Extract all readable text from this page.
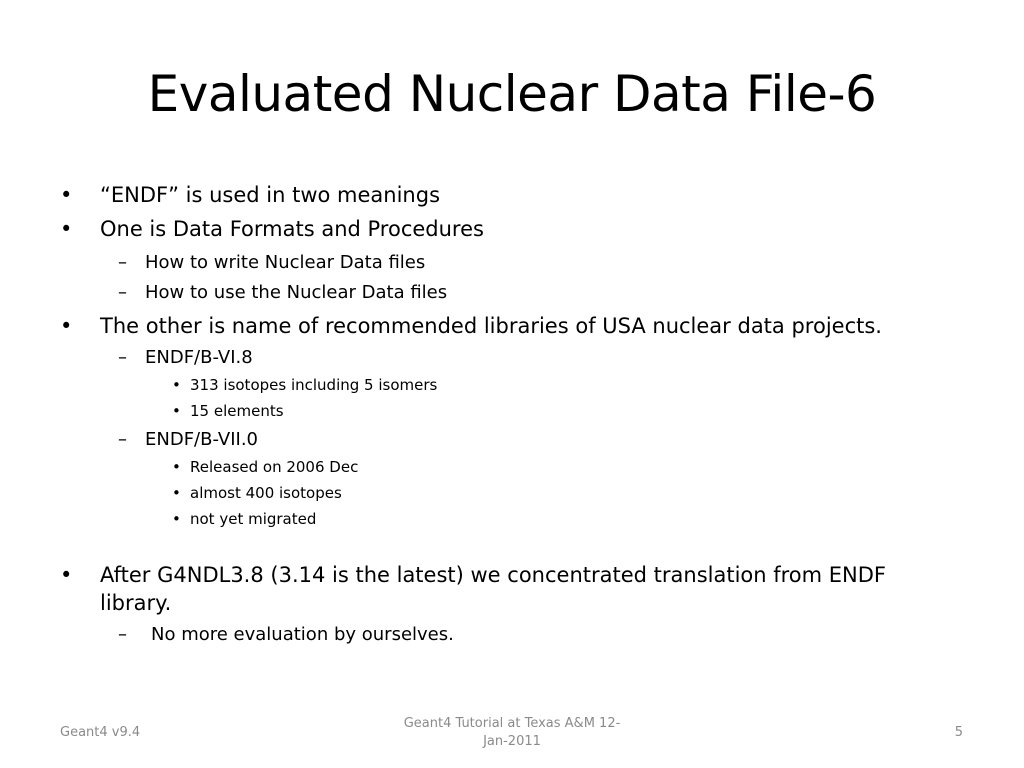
Evaluated Nuclear Data File-6
• “ENDF” is used in two meanings
• One is Data Formats and Procedures
– How to write Nuclear Data files
– How to use the Nuclear Data files
• The other is name of recommended libraries of USA nuclear data projects.
– ENDF/B-VI.8
• 313 isotopes including 5 isomers
• 15 elements
– ENDF/B-VII.0
• Released on 2006 Dec
• almost 400 isotopes
• not yet migrated
• After G4NDL3.8 (3.14 is the latest) we concentrated translation from ENDF
library.
– No more evaluation by ourselves.
Geant4 v9.4
Geant4 Tutorial at Texas A&M 12-
Jan-2011
5
